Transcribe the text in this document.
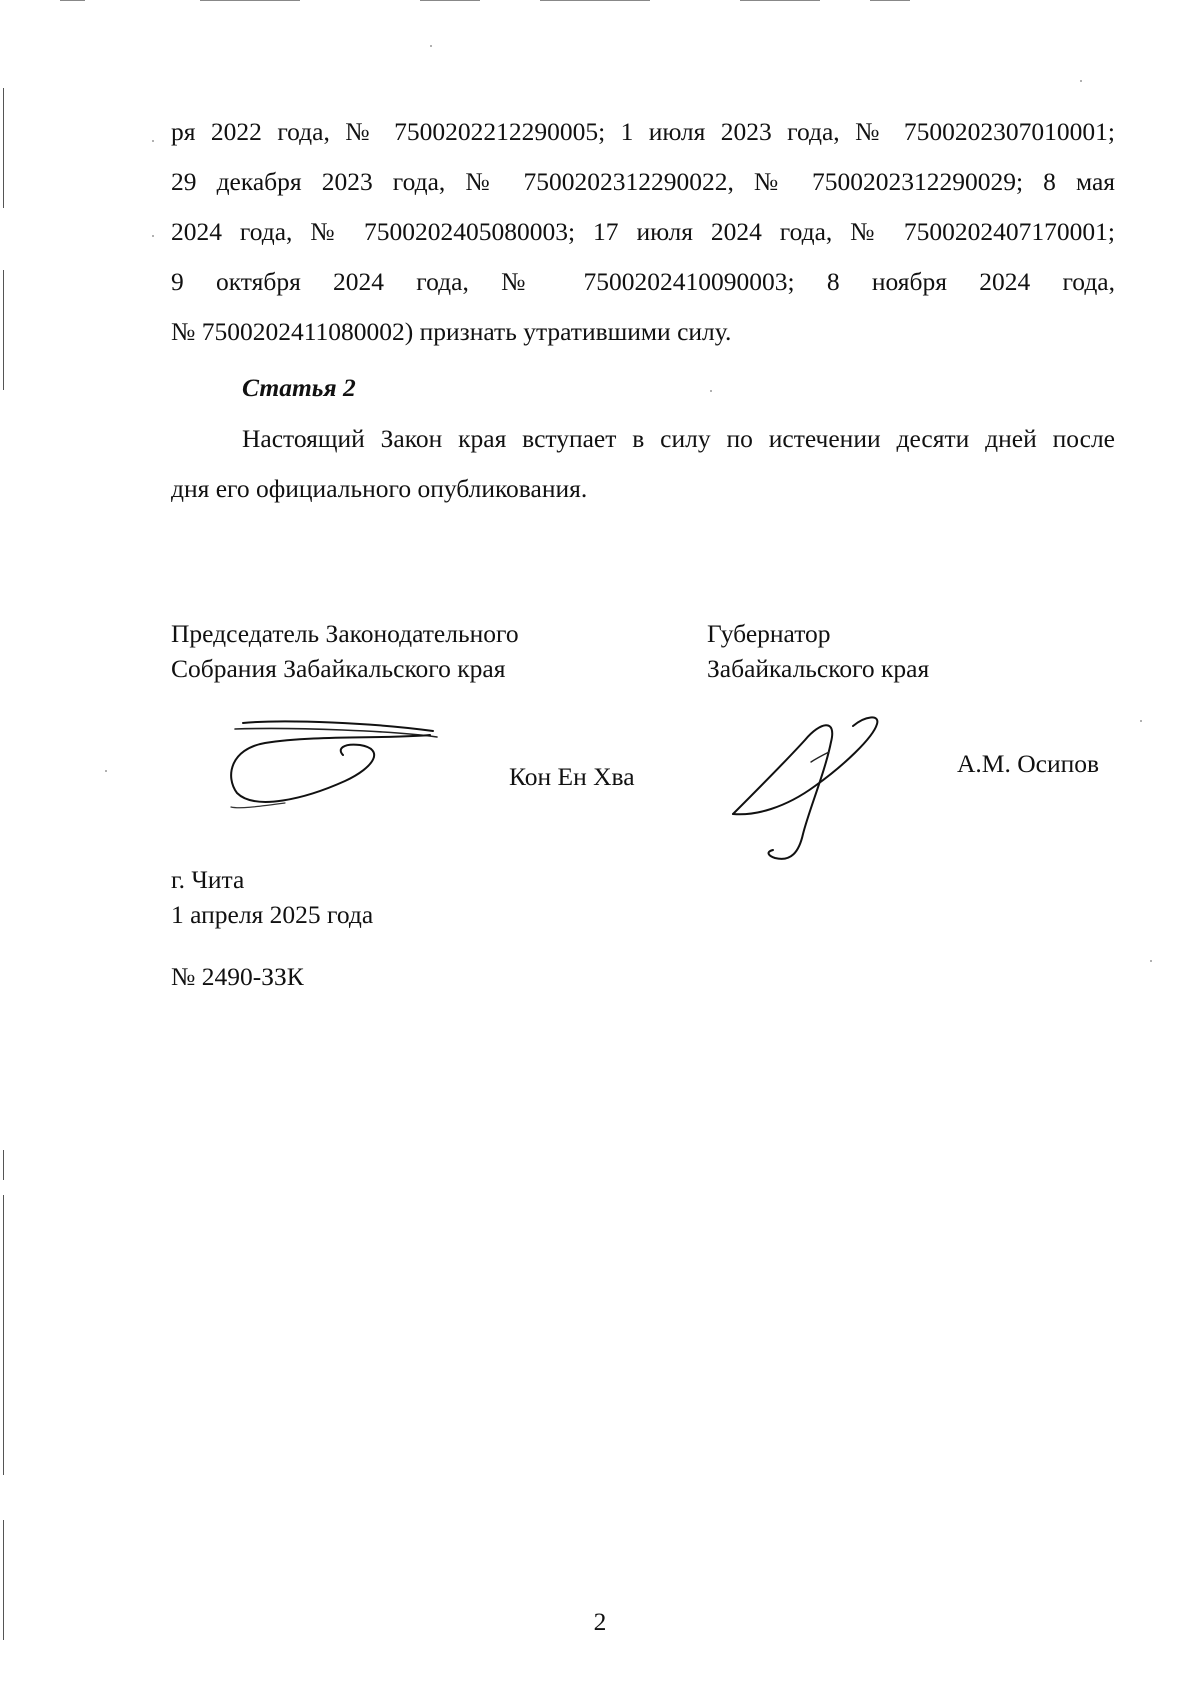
ря 2022 года, № 7500202212290005; 1 июля 2023 года, № 7500202307010001;
29 декабря 2023 года, № 7500202312290022, № 7500202312290029; 8 мая
2024 года, № 7500202405080003; 17 июля 2024 года, № 7500202407170001;
9 октября 2024 года, № 7500202410090003; 8 ноября 2024 года,
№ 7500202411080002) признать утратившими силу.
Статья 2
Настоящий Закон края вступает в силу по истечении десяти дней после
дня его официального опубликования.
Председатель Законодательного
Собрания Забайкальского края
Губернатор
Забайкальского края
Кон Ен Хва	А.М. Осипов
г. Чита
1 апреля 2025 года
№ 2490-ЗЗК
2
